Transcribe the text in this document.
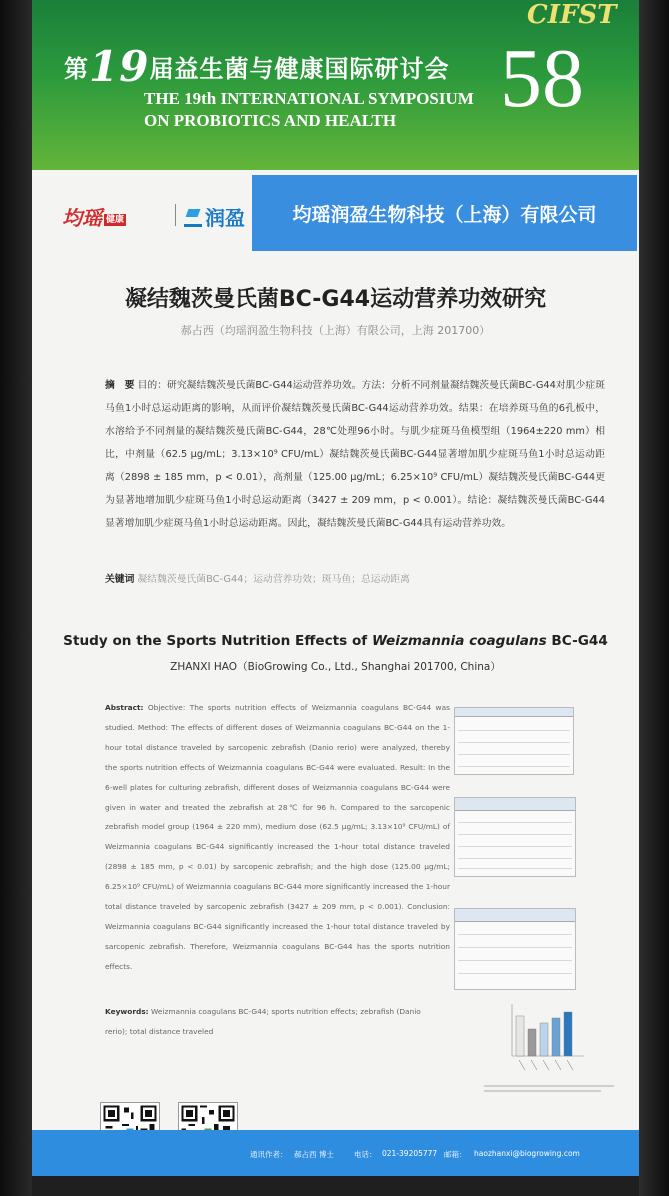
第19届益生菌与健康国际研讨会
THE 19th INTERNATIONAL SYMPOSIUM
ON PROBIOTICS AND HEALTH
CIFST
58
均瑶 健康	润盈	均瑶润盈生物科技（上海）有限公司
凝结魏茨曼氏菌BC-G44运动营养功效研究
郝占西（均瑶润盈生物科技（上海）有限公司，上海 201700）
摘　要 目的：研究凝结魏茨曼氏菌BC-G44运动营养功效。方法：分析不同剂量凝结魏茨曼氏菌BC-G44对肌少症斑马鱼1小时总运动距离的影响，从而评价凝结魏茨曼氏菌BC-G44运动营养功效。结果：在培养斑马鱼的6孔板中，水溶给予不同剂量的凝结魏茨曼氏菌BC-G44，28℃处理96小时。与肌少症斑马鱼模型组（1964±220 mm）相比，中剂量（62.5 μg/mL；3.13×10⁹ CFU/mL）凝结魏茨曼氏菌BC-G44显著增加肌少症斑马鱼1小时总运动距离（2898 ± 185 mm，p < 0.01），高剂量（125.00 μg/mL；6.25×10⁹ CFU/mL）凝结魏茨曼氏菌BC-G44更为显著地增加肌少症斑马鱼1小时总运动距离（3427 ± 209 mm，p < 0.001）。结论：凝结魏茨曼氏菌BC-G44显著增加肌少症斑马鱼1小时总运动距离。因此，凝结魏茨曼氏菌BC-G44具有运动营养功效。
关键词 凝结魏茨曼氏菌BC-G44；运动营养功效；斑马鱼；总运动距离
Study on the Sports Nutrition Effects of Weizmannia coagulans BC-G44
ZHANXI HAO（BioGrowing Co., Ltd., Shanghai 201700, China）
Abstract: Objective: The sports nutrition effects of Weizmannia coagulans BC-G44 was studied. Method: The effects of different doses of Weizmannia coagulans BC-G44 on the 1-hour total distance traveled by sarcopenic zebrafish (Danio rerio) were analyzed, thereby the sports nutrition effects of Weizmannia coagulans BC-G44 were evaluated. Result: In the 6-well plates for culturing zebrafish, different doses of Weizmannia coagulans BC-G44 were given in water and treated the zebrafish at 28℃ for 96 h. Compared to the sarcopenic zebrafish model group (1964 ± 220 mm), medium dose (62.5 μg/mL; 3.13×10⁹ CFU/mL) of Weizmannia coagulans BC-G44 significantly increased the 1-hour total distance traveled (2898 ± 185 mm, p < 0.01) by sarcopenic zebrafish; and the high dose (125.00 μg/mL; 6.25×10⁹ CFU/mL) of Weizmannia coagulans BC-G44 more significantly increased the 1-hour total distance traveled by sarcopenic zebrafish (3427 ± 209 mm, p < 0.001). Conclusion: Weizmannia coagulans BC-G44 significantly increased the 1-hour total distance traveled by sarcopenic zebrafish. Therefore, Weizmannia coagulans BC-G44 has the sports nutrition effects.
Keywords: Weizmannia coagulans BC-G44; sports nutrition effects; zebrafish (Danio rerio); total distance traveled
通讯作者： 郝占西 博士	电话： 021-39205777 邮箱： haozhanxi@biogrowing.com
